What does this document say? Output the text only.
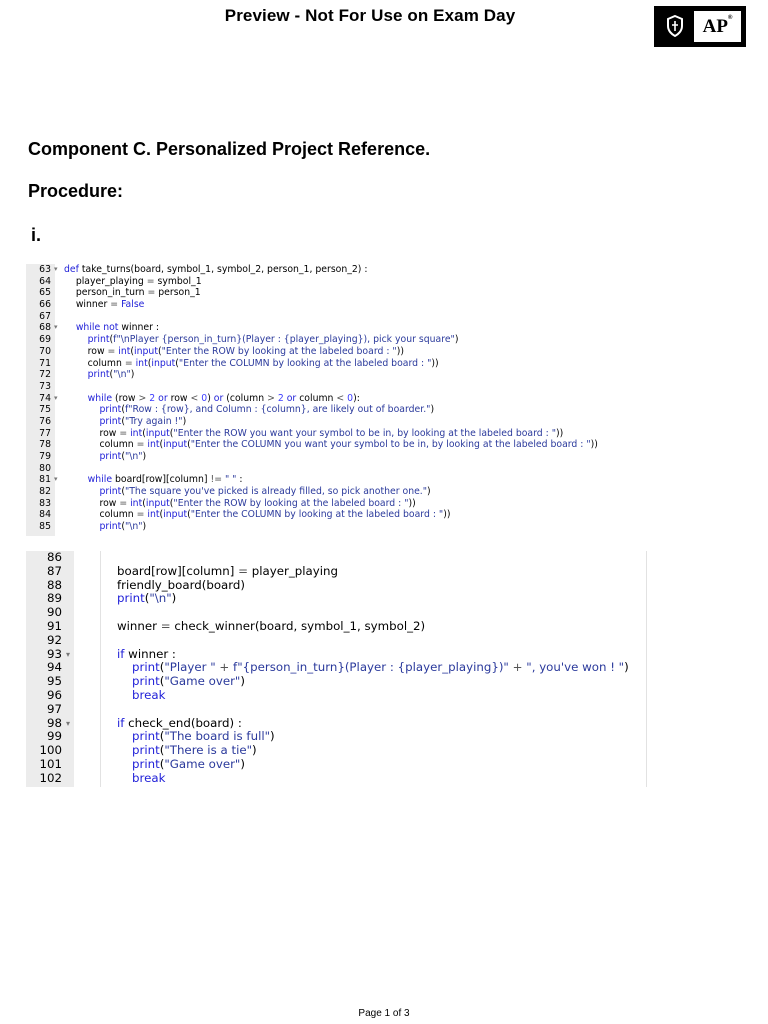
Preview - Not For Use on Exam Day
AP®
Component C. Personalized Project Reference.
Procedure:
i.
63 ▾ def take_turns(board, symbol_1, symbol_2, person_1, person_2) :
64 player_playing = symbol_1
65 person_in_turn = person_1
66 winner = False
67
68 ▾	while not winner :
69	print(f"\nPlayer {person_in_turn}(Player : {player_playing}), pick your square")
70 row = int(input("Enter the ROW by looking at the labeled board : "))
71 column = int(input("Enter the COLUMN by looking at the labeled board : "))
72	print("\n")
73
74 ▾	while (row > 2 or row < 0) or (column > 2 or column < 0):
75	print(f"Row : {row}, and Column : {column}, are likely out of boarder.")
76	print("Try again !")
77 row = int(input("Enter the ROW you want your symbol to be in, by looking at the labeled board : "))
78 column = int(input("Enter the COLUMN you want your symbol to be in, by looking at the labeled board : "))
79	print("\n")
80
81 ▾	while board[row][column] != " " :
82	print("The square you've picked is already filled, so pick another one.")
83 row = int(input("Enter the ROW by looking at the labeled board : "))
84 column = int(input("Enter the COLUMN by looking at the labeled board : "))
85	print("\n")
86
87	board[row][column] = player_playing
88	friendly_board(board)
89	print("\n")
90
91	winner = check_winner(board, symbol_1, symbol_2)
92
93 ▾	if winner :
94	print("Player " + f"{person_in_turn}(Player : {player_playing})" + ", you've won ! ")
95	print("Game over")
96	break
97
98 ▾	if check_end(board) :
99	print("The board is full")
100	print("There is a tie")
101	print("Game over")
102	break
Page 1 of 3
